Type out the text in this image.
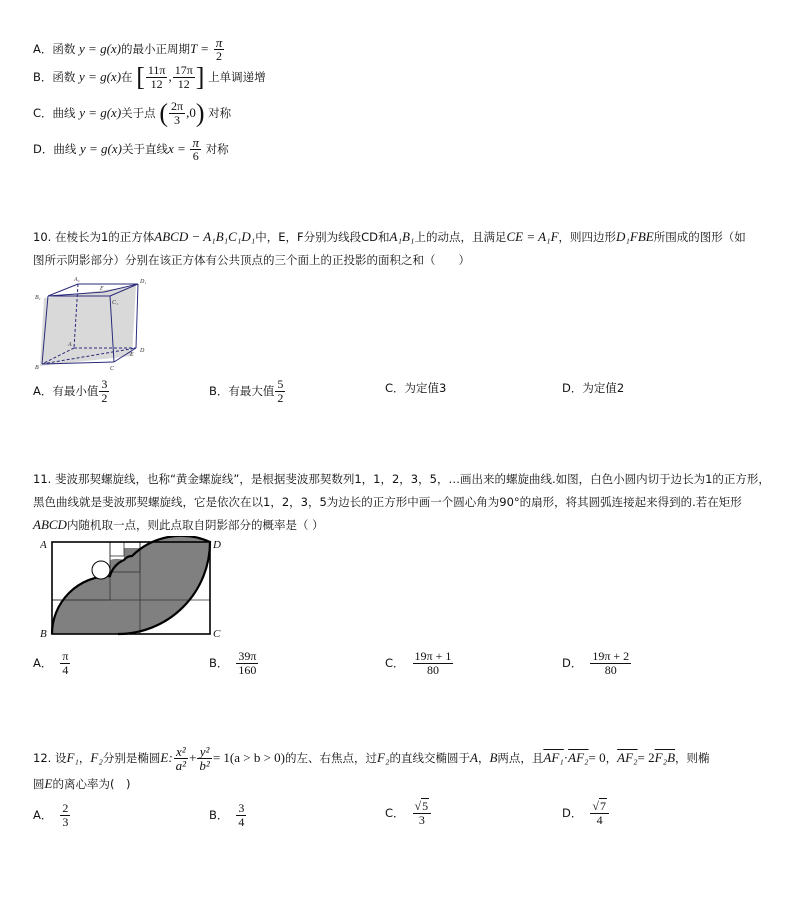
A．函数 y = g(x)的最小正周期$T = \frac{\pi}{2}$
B．函数 y = g(x)在 [ $\frac{11\pi}{12}$ , $\frac{17\pi}{12}$ ] 上单调递增
C．曲线 y = g(x)关于点 ( $\frac{2\pi}{3} ,0$) 对称
D．曲线 y = g(x)关于直线$x = \frac{\pi}{6}$ 对称
10. 在棱长为1的正方体ABCD − A₁B₁C₁D₁中，E，F分别为线段CD和A₁B₁上的动点，且满足CE = A₁F，则四边形D₁FBE所围成的图形（如
图所示阴影部分）分别在该正方体有公共顶点的三个面上的正投影的面积之和（　　）
A₁
B₁
C₁
D₁
F
E
A
B	C
D
A．有最小值 $\frac{3}{2}$	B．有最大值 $\frac{5}{2}$	C．为定值3	D．为定值2
11. 斐波那契螺旋线，也称“黄金螺旋线”，是根据斐波那契数列1，1，2，3，5，…画出来的螺旋曲线.如图，白色小圆内切于边长为1的正方形，
黑色曲线就是斐波那契螺旋线，它是依次在以1，2，3，5为边长的正方形中画一个圆心角为90°的扇形，将其圆弧连接起来得到的.若在矩形
ABCD内随机取一点，则此点取自阴影部分的概率是（ ）
A	D
B	C
A． $\frac{\pi}{4}$	B． $\frac{39\pi}{160}$	C． $\frac{19\pi + 1}{80}$	D． $\frac{19\pi + 2}{80}$
12. 设F₁，F₂分别是椭圆E: $\frac{\text{x²}}{\text{a²}} + \frac{\text{y²}}{\text{b²}} = 1(a > b > 0)$的左、右焦点，过F₂的直线交椭圆于A，B两点，且AF₁·AF₂= 0，AF₂= 2F₂B，则椭
圆E的离心率为(　)
A． $\frac{2}{3}$	B． $\frac{3}{4}$	C． $\frac{√5}{3}$	D． $\frac{√7}{4}$
